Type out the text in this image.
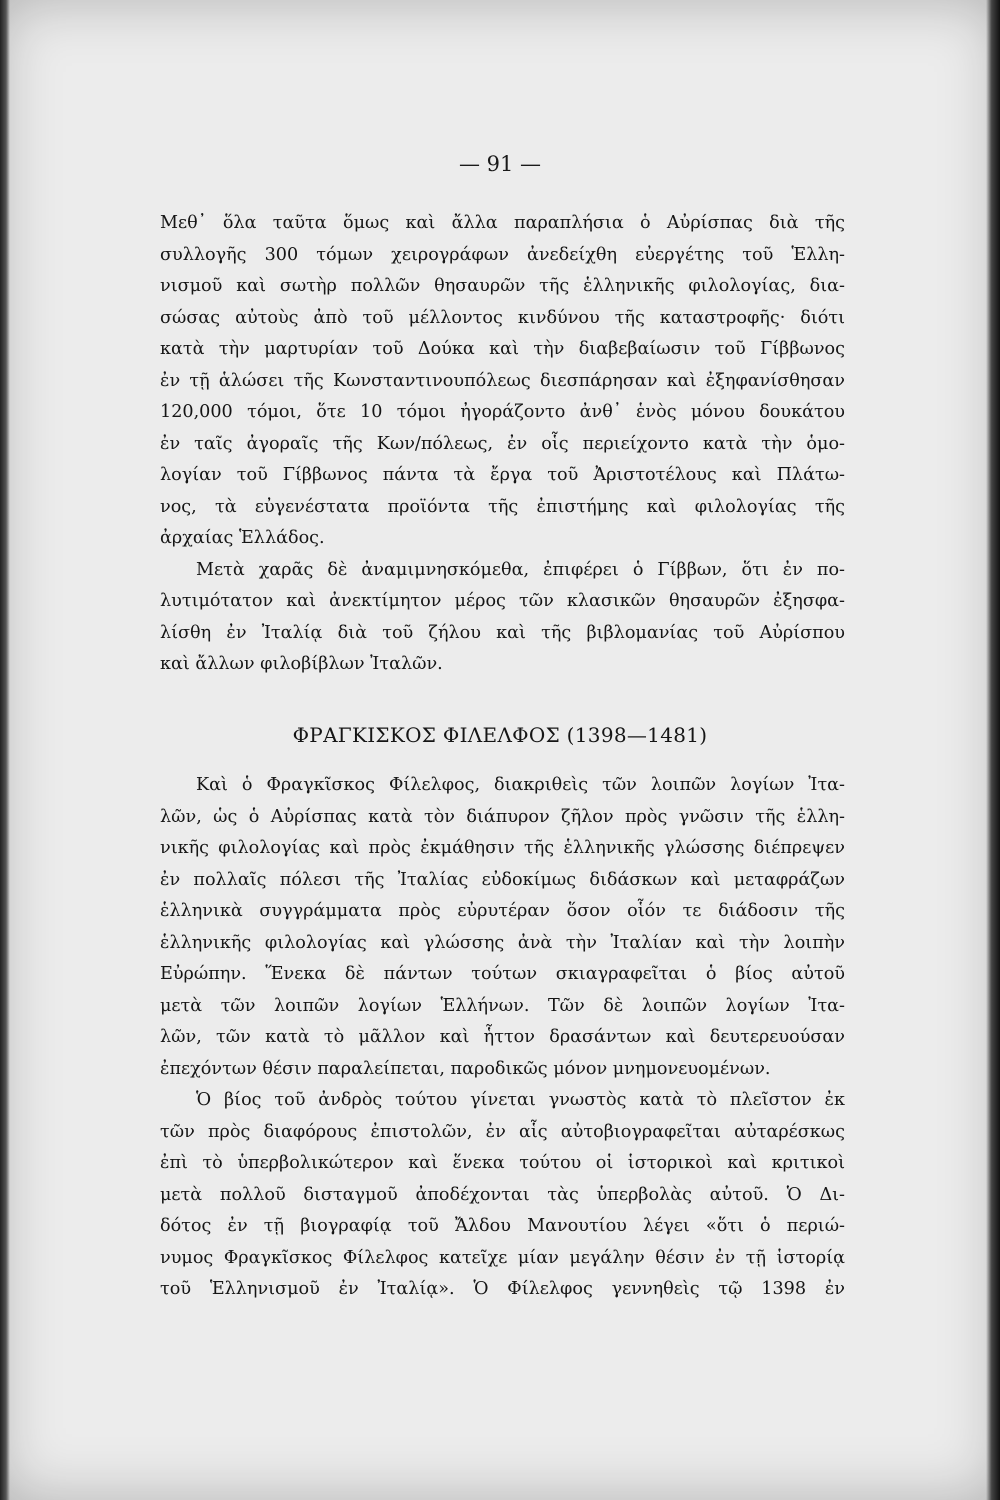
— 91 —
Μεθ᾽ ὅλα ταῦτα ὅμως καὶ ἄλλα παραπλήσια ὁ Αὐρίσπας διὰ τῆς
συλλογῆς 300 τόμων χειρογράφων ἀνεδείχθη εὐεργέτης τοῦ Ἑλλη-
νισμοῦ καὶ σωτὴρ πολλῶν θησαυρῶν τῆς ἑλληνικῆς φιλολογίας, δια-
σώσας αὐτοὺς ἀπὸ τοῦ μέλλοντος κινδύνου τῆς καταστροφῆς· διότι
κατὰ τὴν μαρτυρίαν τοῦ Δούκα καὶ τὴν διαβεβαίωσιν τοῦ Γίββωνος
ἐν τῇ ἁλώσει τῆς Κωνσταντινουπόλεως διεσπάρησαν καὶ ἐξηφανίσθησαν
120,000 τόμοι, ὅτε 10 τόμοι ἠγοράζοντο ἀνθ᾽ ἑνὸς μόνου δουκάτου
ἐν ταῖς ἀγοραῖς τῆς Κων/πόλεως, ἐν οἷς περιείχοντο κατὰ τὴν ὁμο-
λογίαν τοῦ Γίββωνος πάντα τὰ ἔργα τοῦ Ἀριστοτέλους καὶ Πλάτω-
νος, τὰ εὐγενέστατα προϊόντα τῆς ἐπιστήμης καὶ φιλολογίας τῆς
ἀρχαίας Ἑλλάδος.
Μετὰ χαρᾶς δὲ ἀναμιμνησκόμεθα, ἐπιφέρει ὁ Γίββων, ὅτι ἐν πο-
λυτιμότατον καὶ ἀνεκτίμητον μέρος τῶν κλασικῶν θησαυρῶν ἐξησφα-
λίσθη ἐν Ἰταλίᾳ διὰ τοῦ ζήλου καὶ τῆς βιβλομανίας τοῦ Αὐρίσπου
καὶ ἄλλων φιλοβίβλων Ἰταλῶν.
ΦΡΑΓΚΙΣΚΟΣ ΦΙΛΕΛΦΟΣ (1398—1481)
Καὶ ὁ Φραγκῖσκος Φίλελφος, διακριθεὶς τῶν λοιπῶν λογίων Ἰτα-
λῶν, ὡς ὁ Αὐρίσπας κατὰ τὸν διάπυρον ζῆλον πρὸς γνῶσιν τῆς ἑλλη-
νικῆς φιλολογίας καὶ πρὸς ἐκμάθησιν τῆς ἑλληνικῆς γλώσσης διέπρεψεν
ἐν πολλαῖς πόλεσι τῆς Ἰταλίας εὐδοκίμως διδάσκων καὶ μεταφράζων
ἑλληνικὰ συγγράμματα πρὸς εὐρυτέραν ὅσον οἷόν τε διάδοσιν τῆς
ἑλληνικῆς φιλολογίας καὶ γλώσσης ἀνὰ τὴν Ἰταλίαν καὶ τὴν λοιπὴν
Εὐρώπην. Ἕνεκα δὲ πάντων τούτων σκιαγραφεῖται ὁ βίος αὐτοῦ
μετὰ τῶν λοιπῶν λογίων Ἑλλήνων. Τῶν δὲ λοιπῶν λογίων Ἰτα-
λῶν, τῶν κατὰ τὸ μᾶλλον καὶ ἧττον δρασάντων καὶ δευτερευούσαν
ἐπεχόντων θέσιν παραλείπεται, παροδικῶς μόνον μνημονευομένων.
Ὁ βίος τοῦ ἀνδρὸς τούτου γίνεται γνωστὸς κατὰ τὸ πλεῖστον ἐκ
τῶν πρὸς διαφόρους ἐπιστολῶν, ἐν αἷς αὐτοβιογραφεῖται αὐταρέσκως
ἐπὶ τὸ ὑπερβολικώτερον καὶ ἕνεκα τούτου οἱ ἱστορικοὶ καὶ κριτικοὶ
μετὰ πολλοῦ δισταγμοῦ ἀποδέχονται τὰς ὑπερβολὰς αὐτοῦ. Ὁ Δι-
δότος ἐν τῇ βιογραφίᾳ τοῦ Ἄλδου Μανουτίου λέγει «ὅτι ὁ περιώ-
νυμος Φραγκῖσκος Φίλελφος κατεῖχε μίαν μεγάλην θέσιν ἐν τῇ ἱστορίᾳ
τοῦ Ἑλληνισμοῦ ἐν Ἰταλίᾳ». Ὁ Φίλελφος γεννηθεὶς τῷ 1398 ἐν
